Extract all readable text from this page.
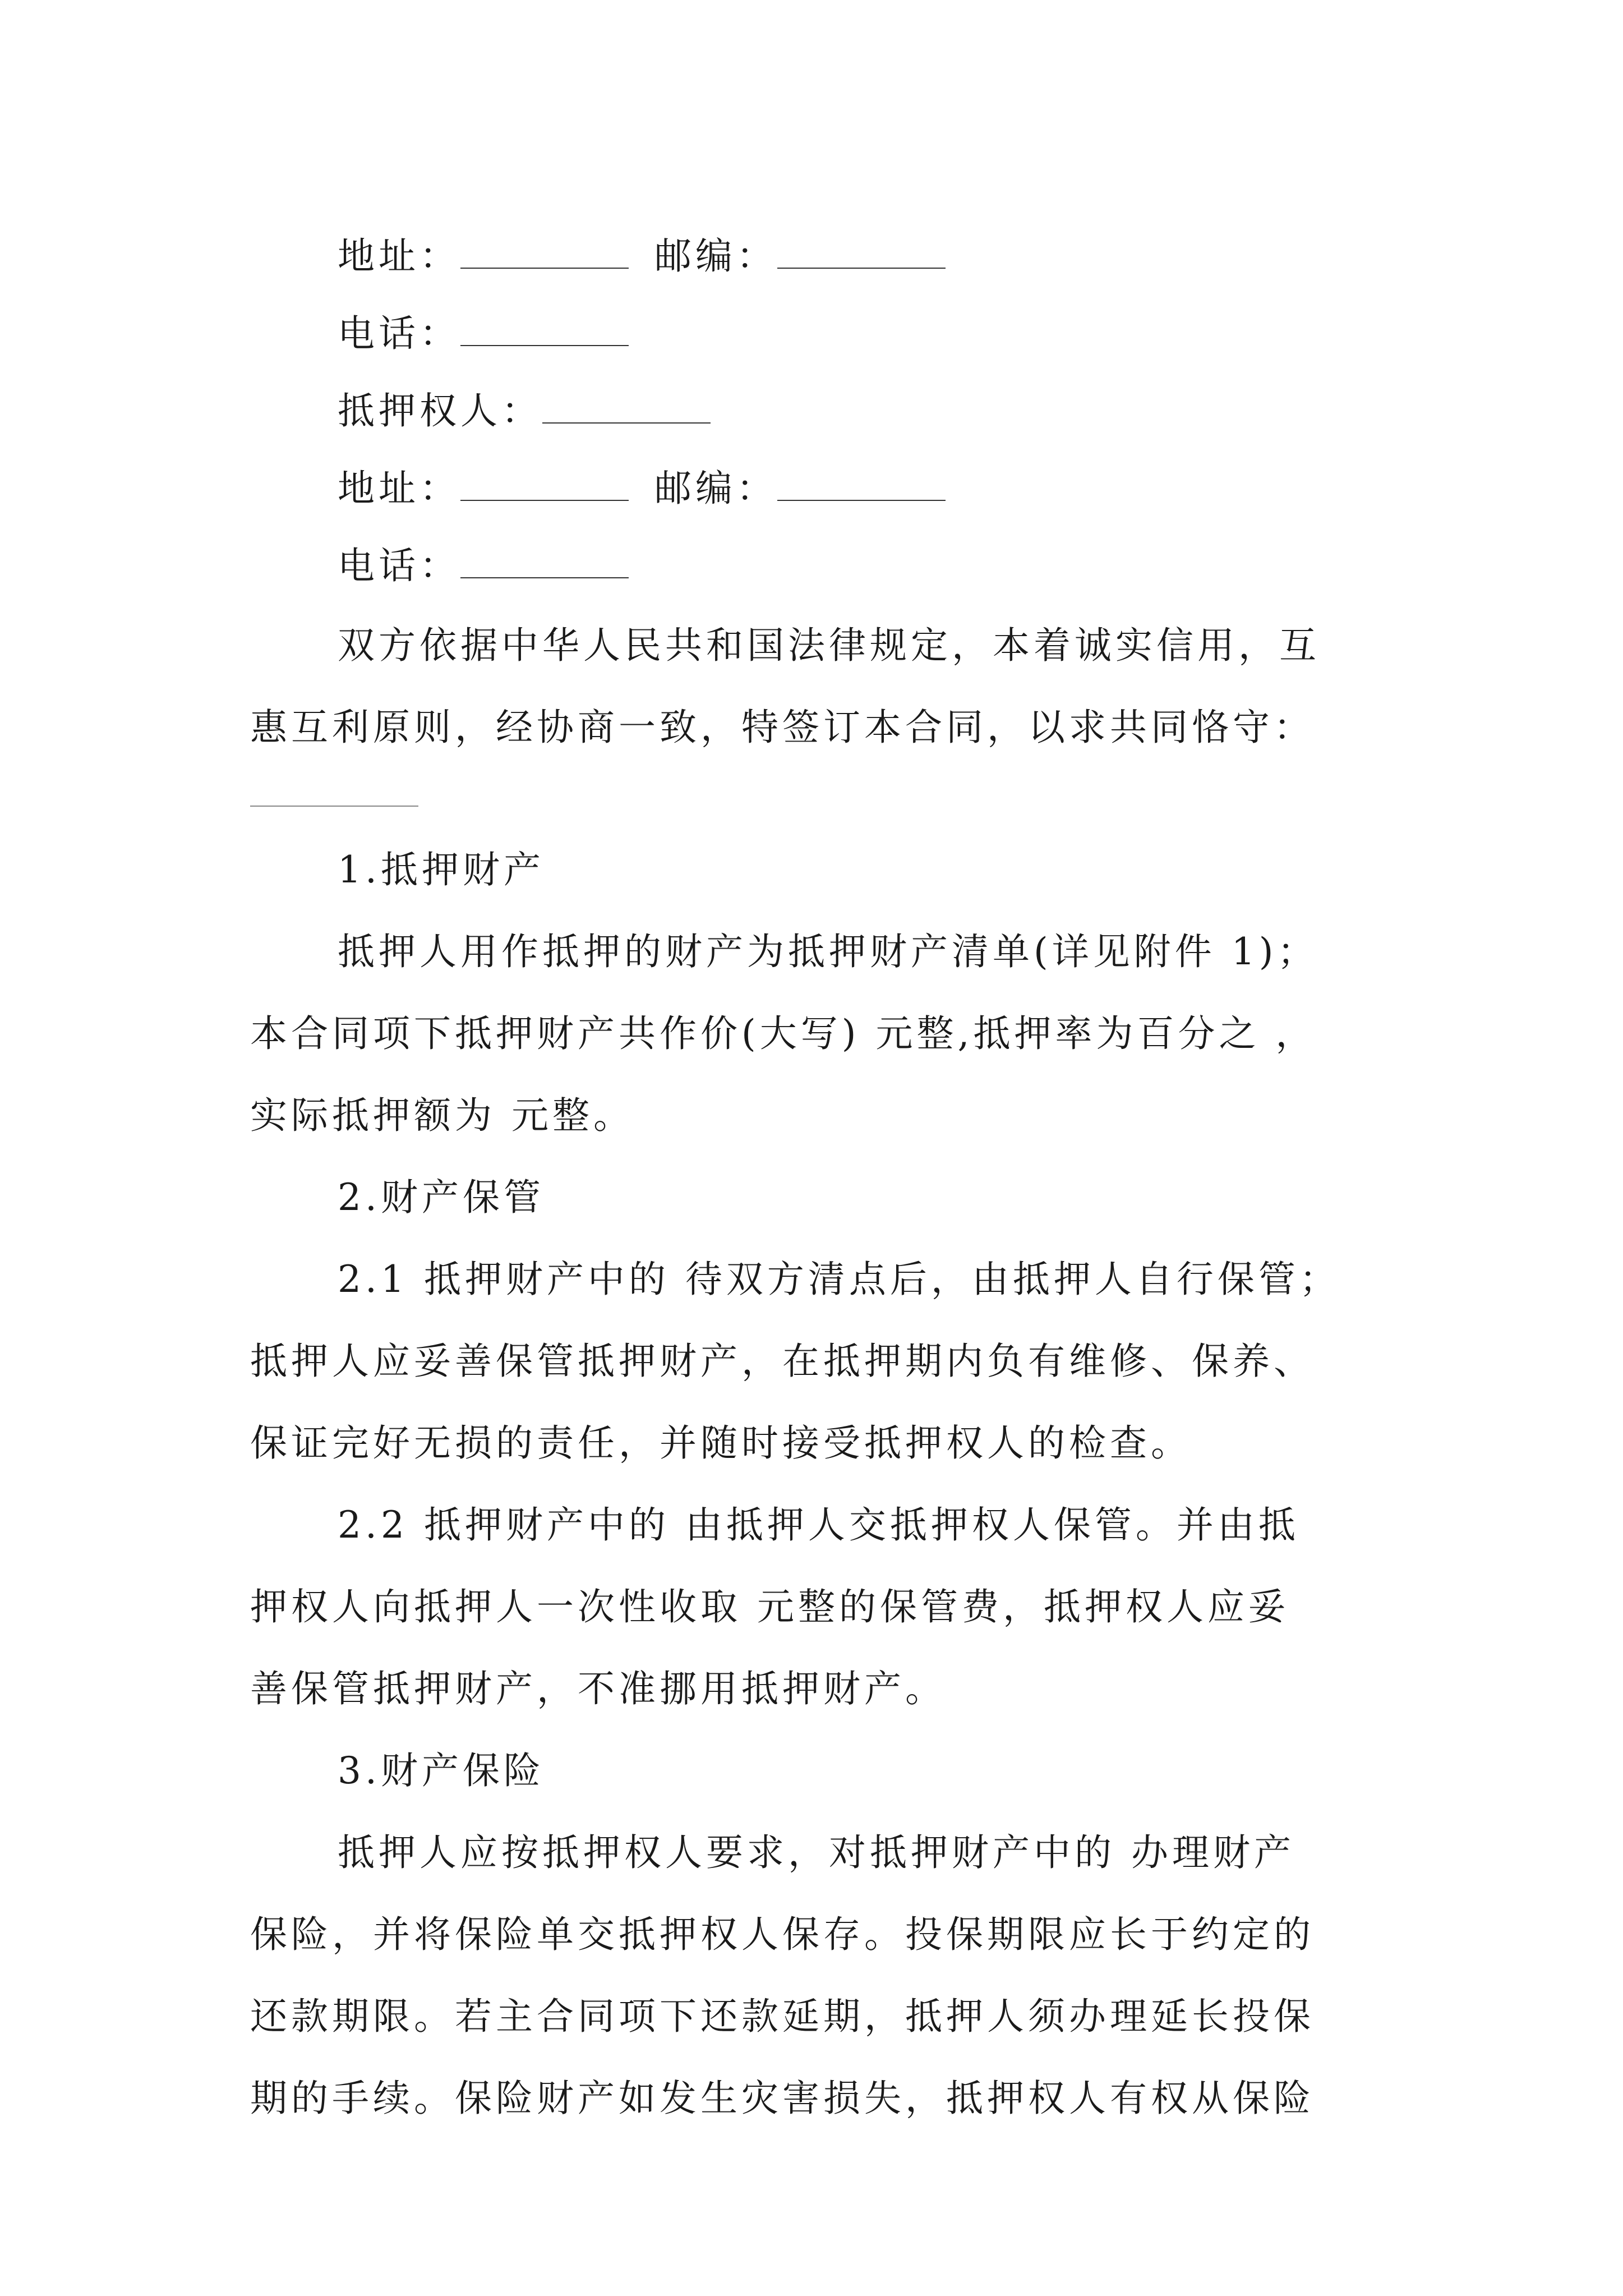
地址：	邮编：
电话：
抵押权人：
地址：	邮编：
电话：
双方依据中华人民共和国法律规定，本着诚实信用，互
惠互利原则，经协商一致，特签订本合同，以求共同恪守：
1.抵押财产
抵押人用作抵押的财产为抵押财产清单(详见附件 1)；
本合同项下抵押财产共作价(大写) 元整,抵押率为百分之 ，
实际抵押额为 元整。
2.财产保管
2.1 抵押财产中的 待双方清点后，由抵押人自行保管；
抵押人应妥善保管抵押财产，在抵押期内负有维修、保养、
保证完好无损的责任，并随时接受抵押权人的检查。
2.2 抵押财产中的 由抵押人交抵押权人保管。并由抵
押权人向抵押人一次性收取 元整的保管费，抵押权人应妥
善保管抵押财产，不准挪用抵押财产。
3.财产保险
抵押人应按抵押权人要求，对抵押财产中的 办理财产
保险，并将保险单交抵押权人保存。投保期限应长于约定的
还款期限。若主合同项下还款延期，抵押人须办理延长投保
期的手续。保险财产如发生灾害损失，抵押权人有权从保险
